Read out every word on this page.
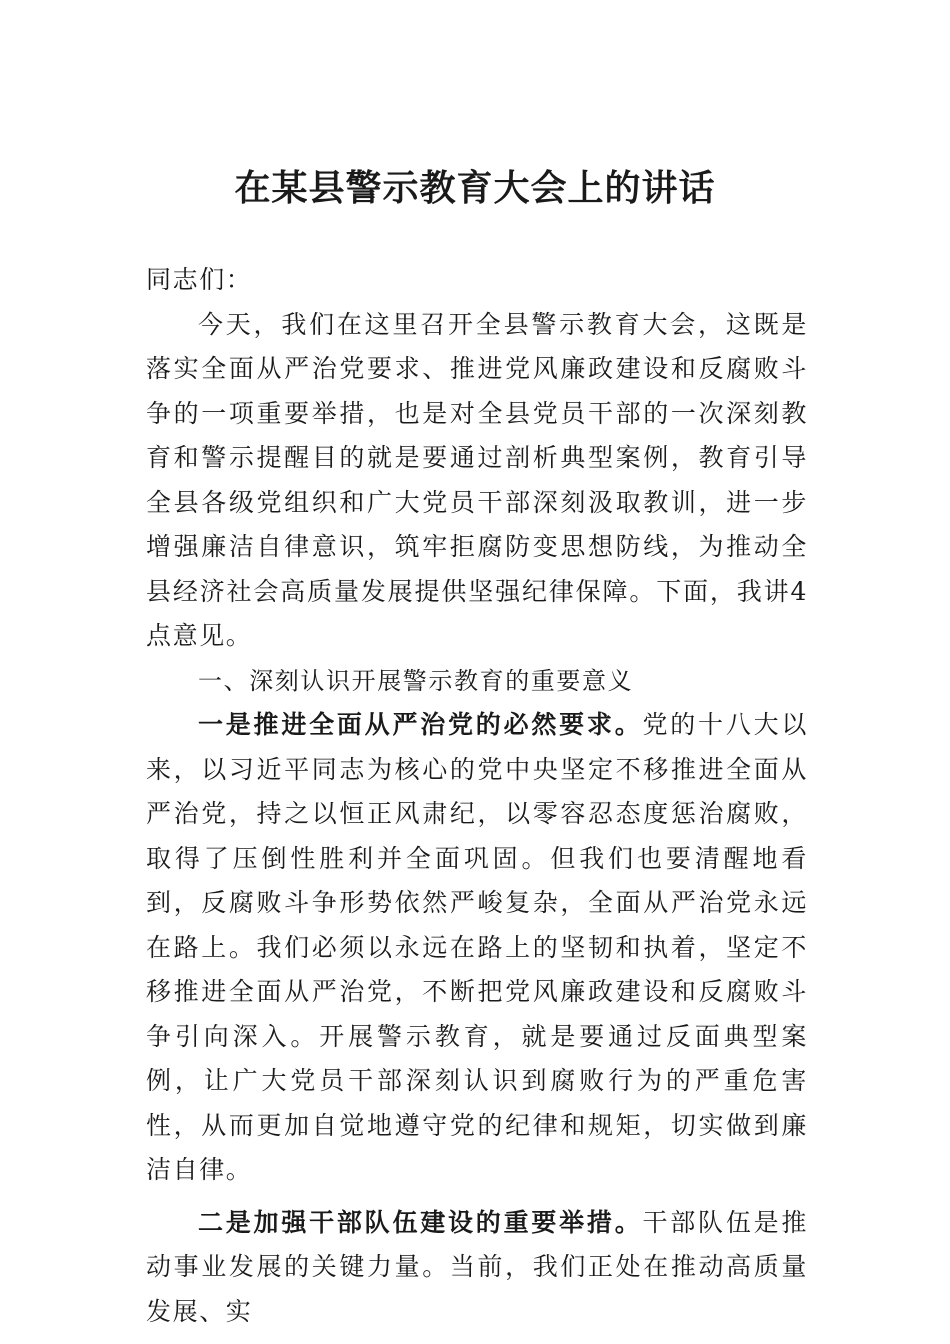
在某县警示教育大会上的讲话

同志们：

今天，我们在这里召开全县警示教育大会，这既是落实全面从严治党要求、推进党风廉政建设和反腐败斗争的一项重要举措，也是对全县党员干部的一次深刻教育和警示提醒目的就是要通过剖析典型案例，教育引导全县各级党组织和广大党员干部深刻汲取教训，进一步增强廉洁自律意识，筑牢拒腐防变思想防线，为推动全县经济社会高质量发展提供坚强纪律保障。下面，我讲4点意见。

一、深刻认识开展警示教育的重要意义

一是推进全面从严治党的必然要求。党的十八大以来，以习近平同志为核心的党中央坚定不移推进全面从严治党，持之以恒正风肃纪，以零容忍态度惩治腐败，取得了压倒性胜利并全面巩固。但我们也要清醒地看到，反腐败斗争形势依然严峻复杂，全面从严治党永远在路上。我们必须以永远在路上的坚韧和执着，坚定不移推进全面从严治党，不断把党风廉政建设和反腐败斗争引向深入。开展警示教育，就是要通过反面典型案例，让广大党员干部深刻认识到腐败行为的严重危害性，从而更加自觉地遵守党的纪律和规矩，切实做到廉洁自律。

二是加强干部队伍建设的重要举措。干部队伍是推动事业发展的关键力量。当前，我们正处在推动高质量发展、实
